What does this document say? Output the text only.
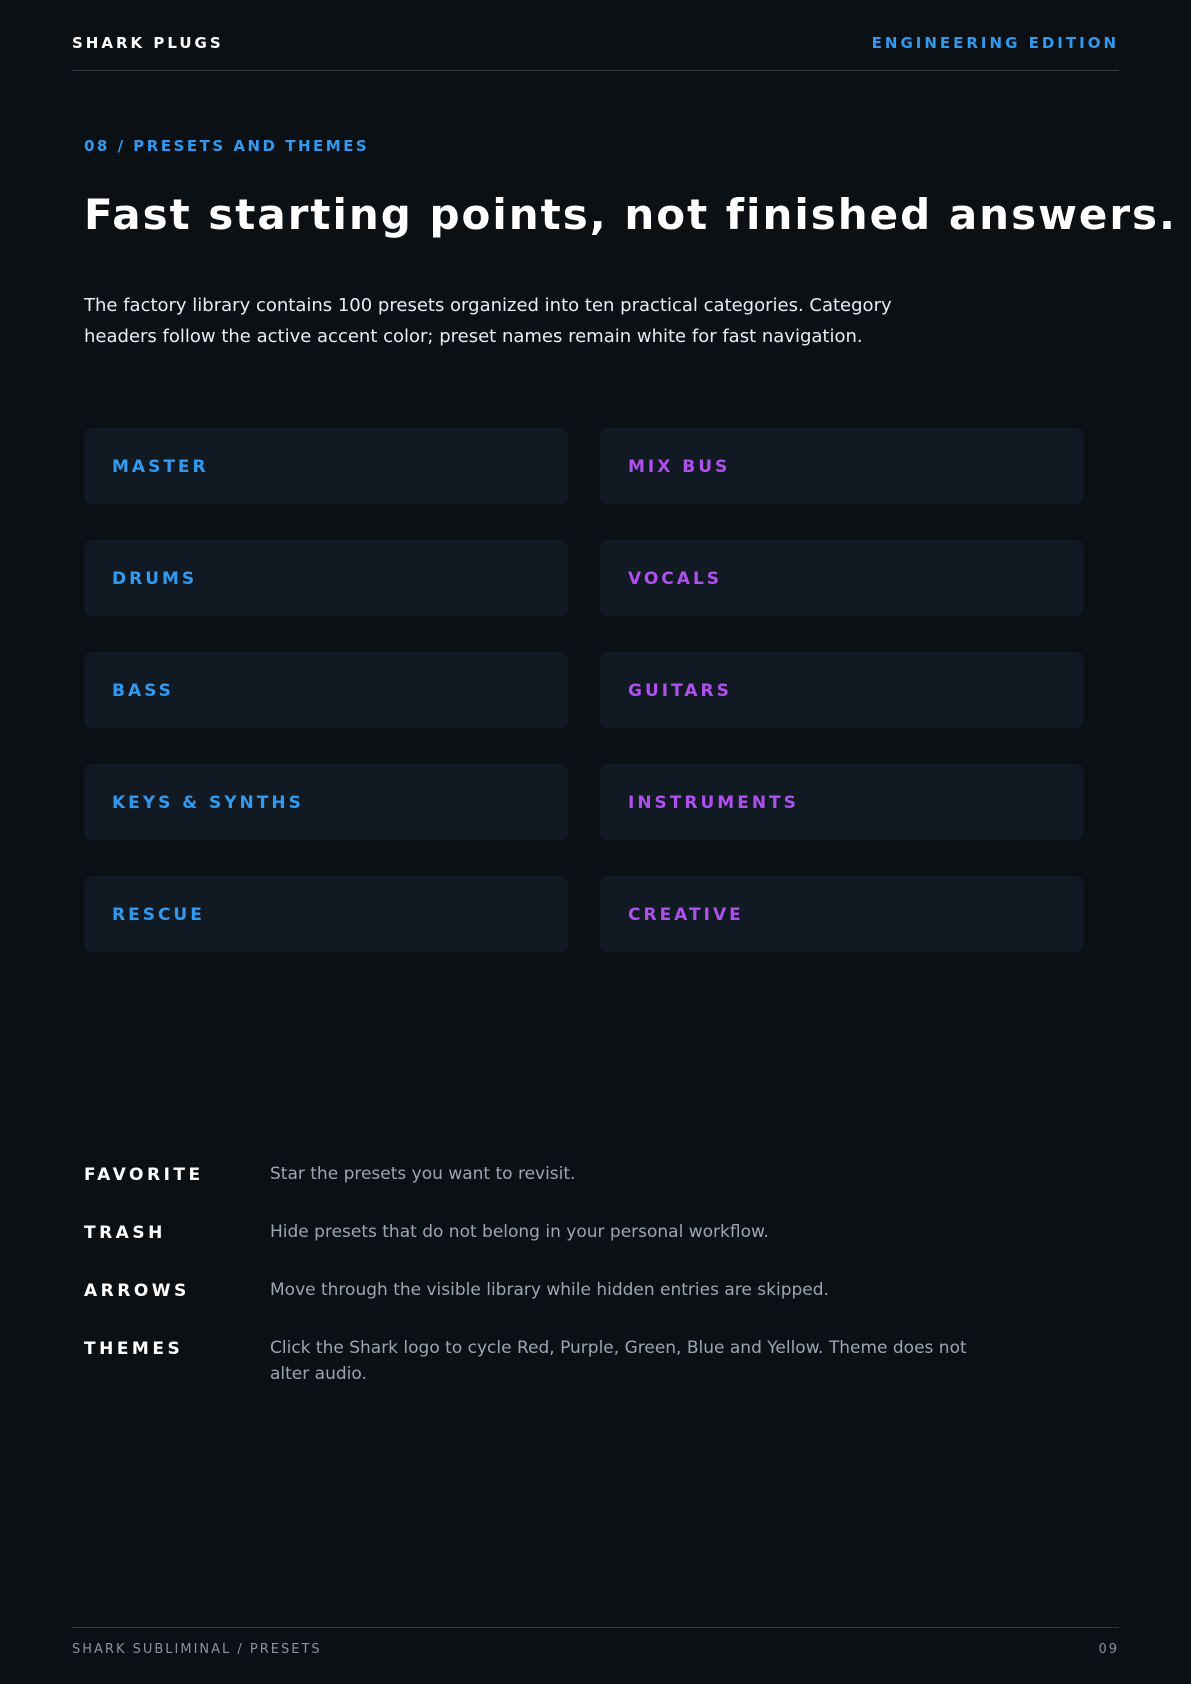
SHARK PLUGS	ENGINEERING EDITION
08 / PRESETS AND THEMES
Fast starting points, not finished answers.

The factory library contains 100 presets organized into ten practical categories. Category headers follow the active accent color; preset names remain white for fast navigation.

MASTER	MIX BUS
DRUMS	VOCALS
BASS	GUITARS
KEYS & SYNTHS	INSTRUMENTS
RESCUE	CREATIVE
FAVORITE	Star the presets you want to revisit.
TRASH	Hide presets that do not belong in your personal workflow.
ARROWS	Move through the visible library while hidden entries are skipped.
THEMES	Click the Shark logo to cycle Red, Purple, Green, Blue and Yellow. Theme does not alter audio.
SHARK SUBLIMINAL / PRESETS	09
